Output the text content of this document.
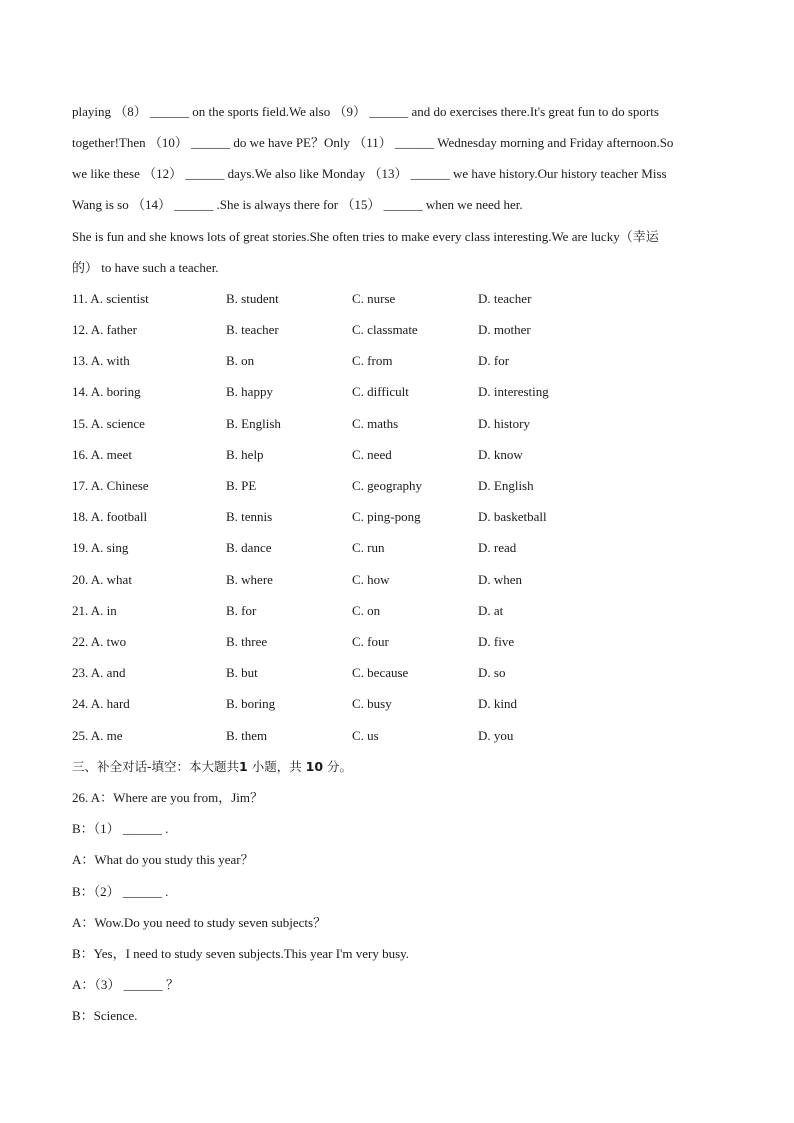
playing （8） ______ on the sports field.We also （9） ______ and do exercises there.It's great fun to do sports
together!Then （10） ______ do we have PE？Only （11） ______ Wednesday morning and Friday afternoon.So
we like these （12） ______ days.We also like Monday （13） ______ we have history.Our history teacher Miss
Wang is so （14） ______ .She is always there for （15） ______ when we need her.
She is fun and she knows lots of great stories.She often tries to make every class interesting.We are lucky（幸运
的） to have such a teacher.
11. A. scientist	B. student	C. nurse	D. teacher
12. A. father	B. teacher	C. classmate	D. mother
13. A. with	B. on	C. from	D. for
14. A. boring	B. happy	C. difficult	D. interesting
15. A. science	B. English	C. maths	D. history
16. A. meet	B. help	C. need	D. know
17. A. Chinese	B. PE	C. geography	D. English
18. A. football	B. tennis	C. ping-pong	D. basketball
19. A. sing	B. dance	C. run	D. read
20. A. what	B. where	C. how	D. when
21. A. in	B. for	C. on	D. at
22. A. two	B. three	C. four	D. five
23. A. and	B. but	C. because	D. so
24. A. hard	B. boring	C. busy	D. kind
25. A. me	B. them	C. us	D. you
三、补全对话-填空：本大题共1 小题，共 10 分。
26. A：Where are you from，Jim？
B：（1） ______ .
A：What do you study this year？
B：（2） ______ .
A：Wow.Do you need to study seven subjects？
B：Yes，I need to study seven subjects.This year I'm very busy.
A：（3） ______ ？
B：Science.
